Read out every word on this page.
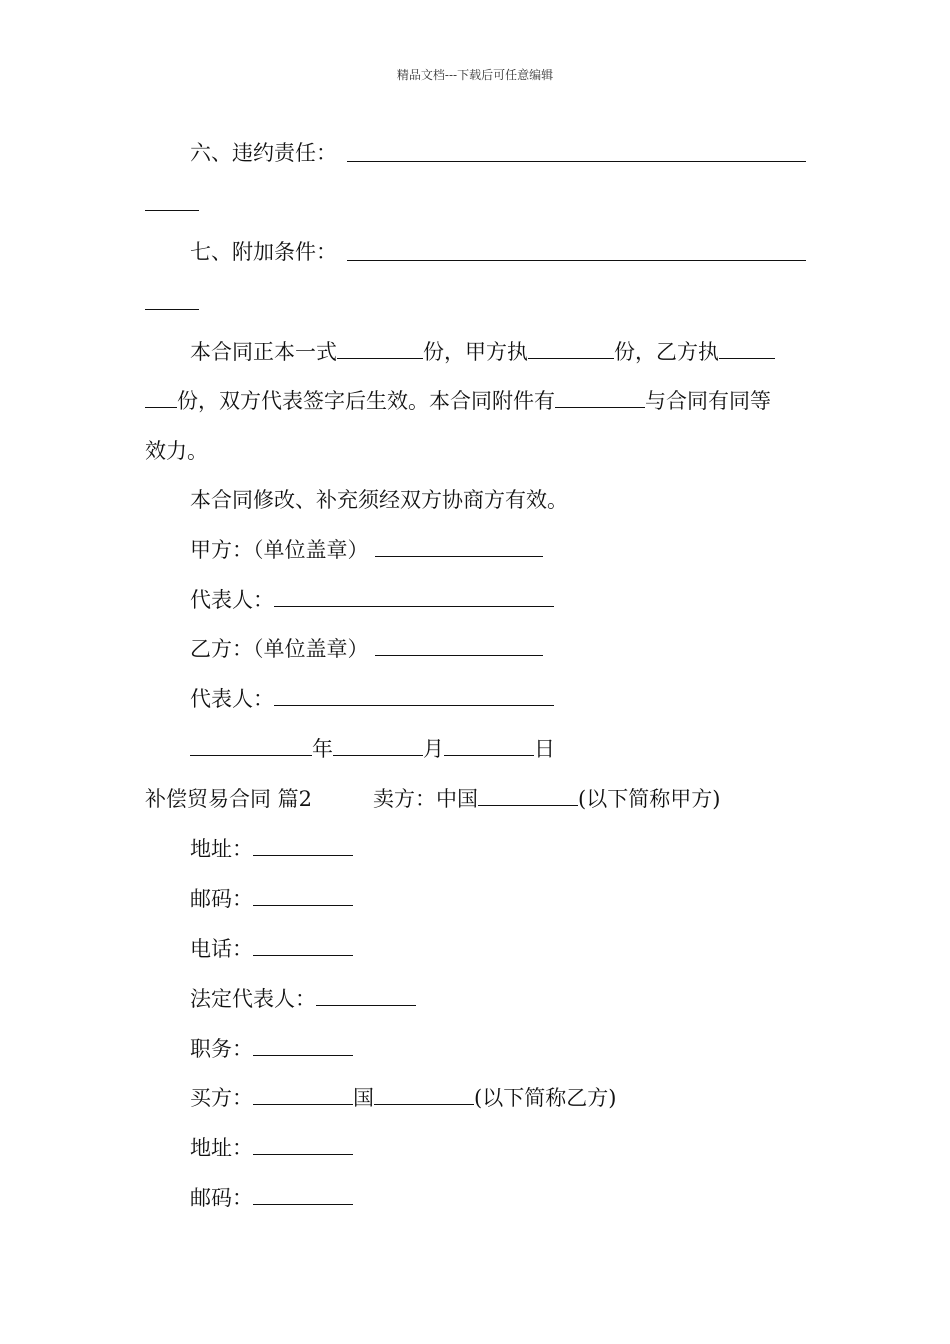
精品文档---下载后可任意编辑
六、违约责任：
七、附加条件：
本合同正本一式	份，甲方执	份，乙方执
份，双方代表签字后生效。本合同附件有	与合同有同等
效力。
本合同修改、补充须经双方协商方有效。
甲方：（单位盖章）
代表人：
乙方：（单位盖章）
代表人：
年	月	日
补偿贸易合同 篇2	卖方：中国	(以下简称甲方)
地址：
邮码：
电话：
法定代表人：
职务：
买方：	国	(以下简称乙方)
地址：
邮码：
